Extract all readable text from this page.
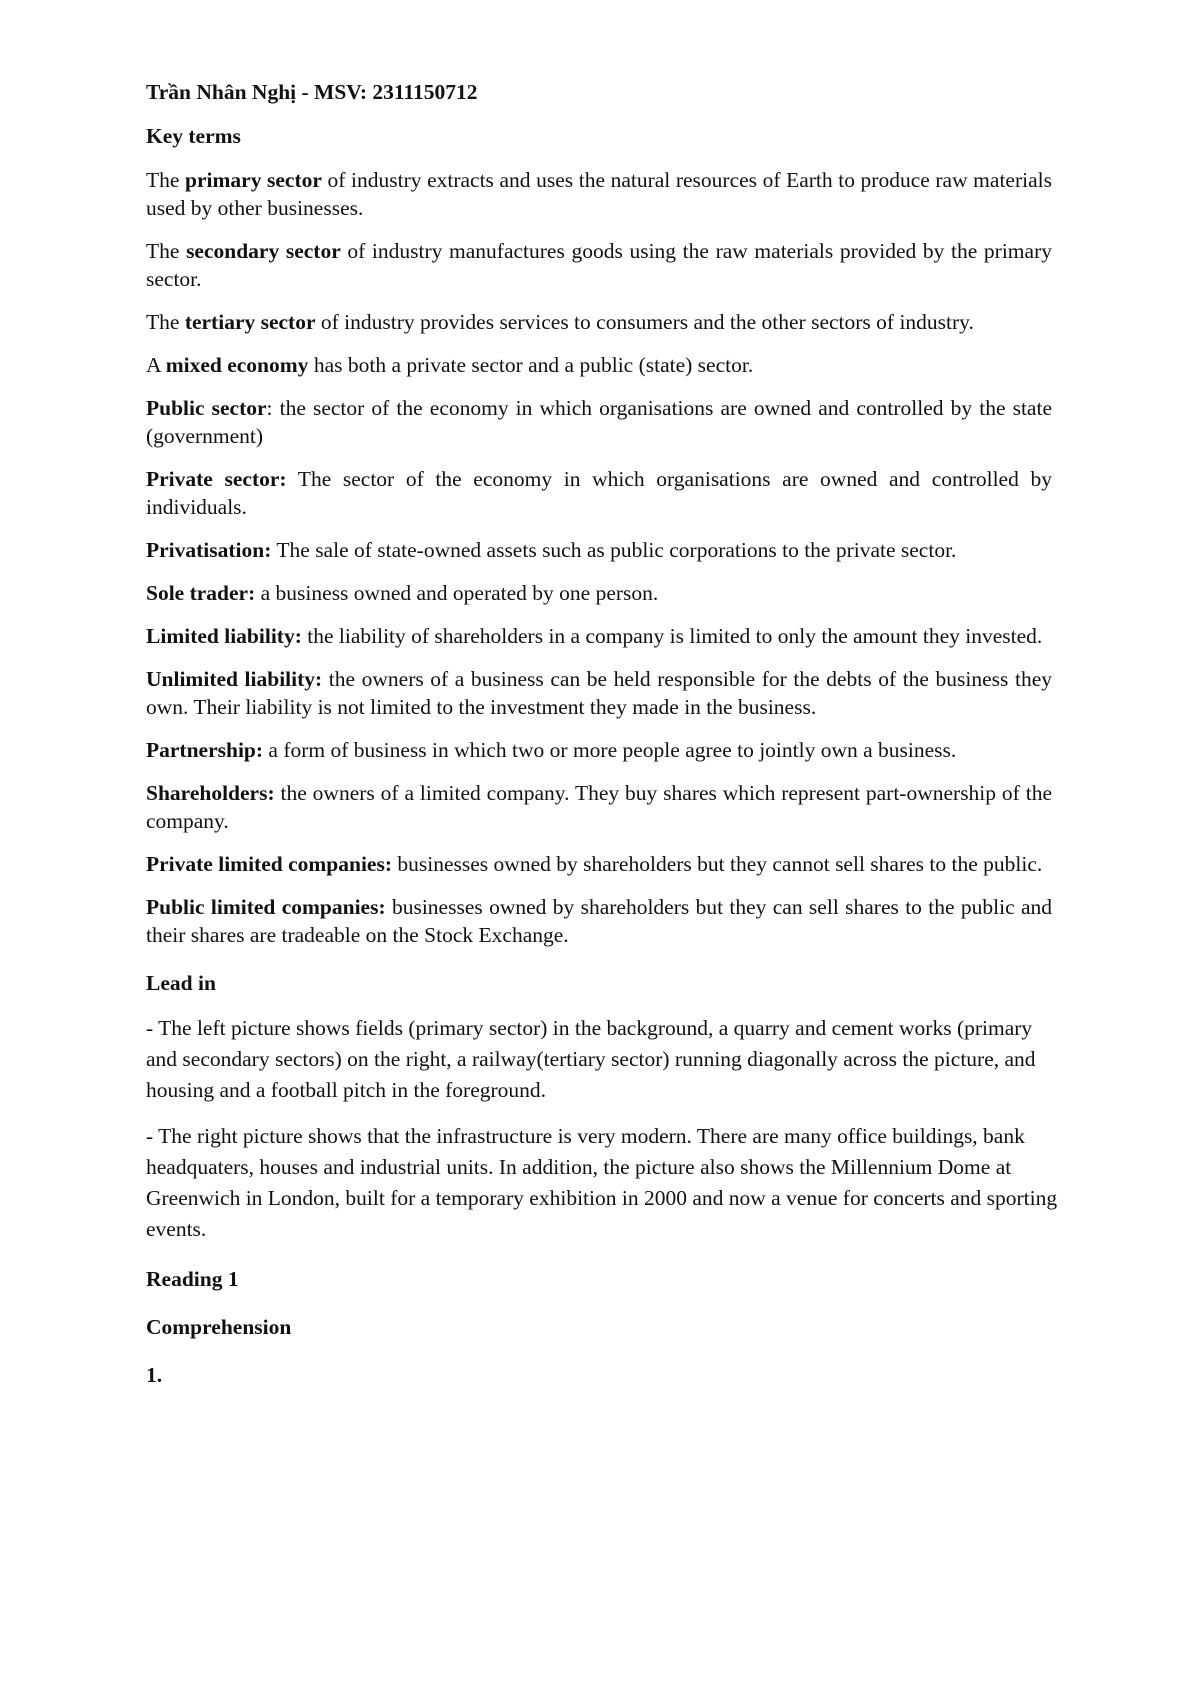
Trần Nhân Nghị - MSV: 2311150712

Key terms

The primary sector of industry extracts and uses the natural resources of Earth to produce raw materials used by other businesses.

The secondary sector of industry manufactures goods using the raw materials provided by the primary sector.

The tertiary sector of industry provides services to consumers and the other sectors of industry.

A mixed economy has both a private sector and a public (state) sector.

Public sector: the sector of the economy in which organisations are owned and controlled by the state (government)

Private sector: The sector of the economy in which organisations are owned and controlled by individuals.

Privatisation: The sale of state-owned assets such as public corporations to the private sector.

Sole trader: a business owned and operated by one person.

Limited liability: the liability of shareholders in a company is limited to only the amount they invested.

Unlimited liability: the owners of a business can be held responsible for the debts of the business they own. Their liability is not limited to the investment they made in the business.

Partnership: a form of business in which two or more people agree to jointly own a business.

Shareholders: the owners of a limited company. They buy shares which represent part-ownership of the company.

Private limited companies: businesses owned by shareholders but they cannot sell shares to the public.

Public limited companies: businesses owned by shareholders but they can sell shares to the public and their shares are tradeable on the Stock Exchange.

Lead in

- The left picture shows fields (primary sector) in the background, a quarry and cement works (primary and secondary sectors) on the right, a railway(tertiary sector) running diagonally across the picture, and housing and a football pitch in the foreground.

- The right picture shows that the infrastructure is very modern. There are many office buildings, bank headquaters, houses and industrial units. In addition, the picture also shows the Millennium Dome at Greenwich in London, built for a temporary exhibition in 2000 and now a venue for concerts and sporting events.

Reading 1

Comprehension

1.
